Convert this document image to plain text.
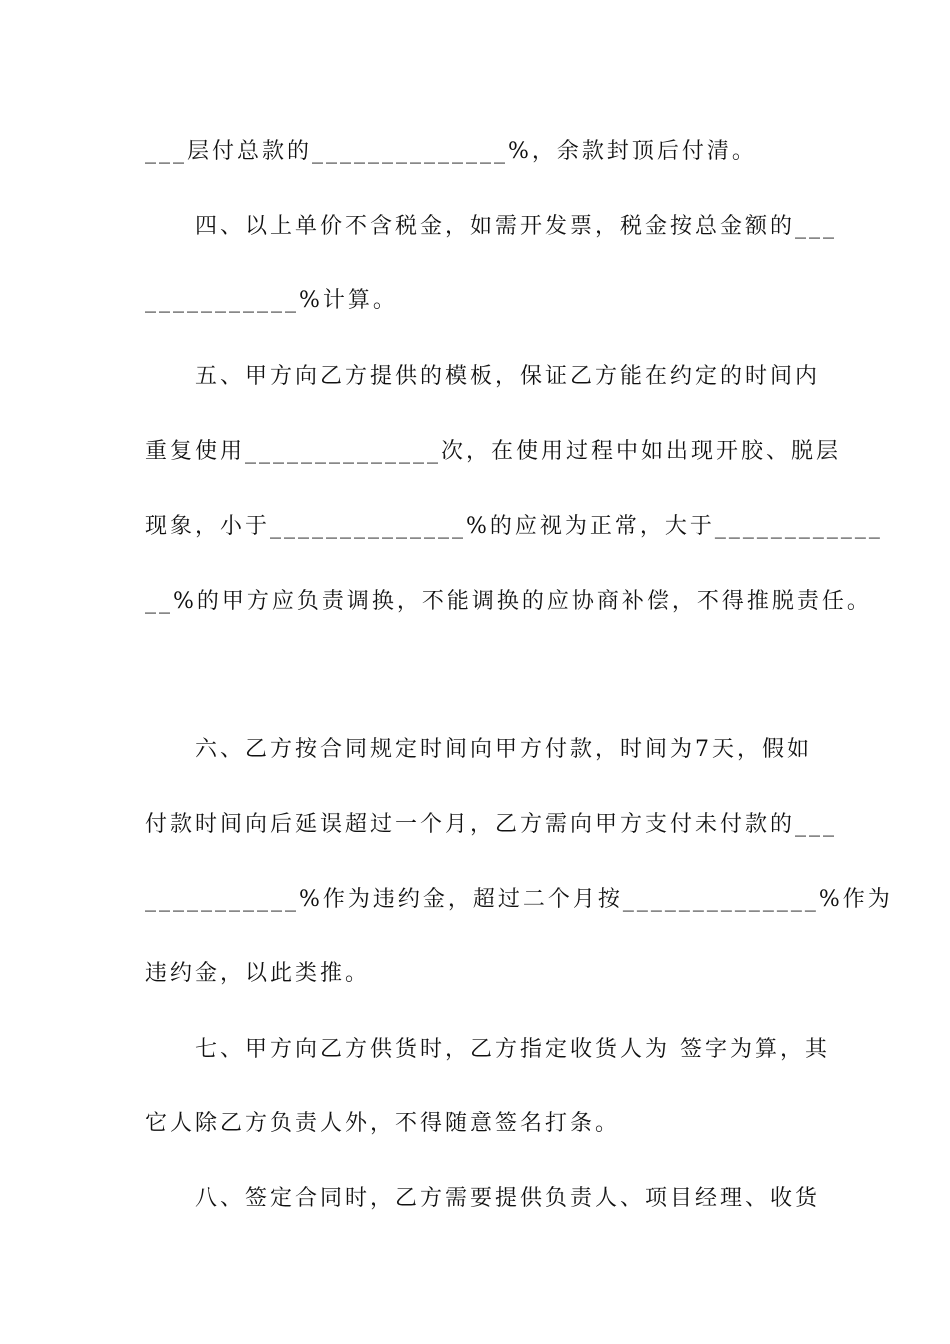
___层付总款的______________%，余款封顶后付清。
四、以上单价不含税金，如需开发票，税金按总金额的___
___________%计算。
五、甲方向乙方提供的模板，保证乙方能在约定的时间内
重复使用______________次，在使用过程中如出现开胶、脱层
现象，小于______________%的应视为正常，大于____________
__%的甲方应负责调换，不能调换的应协商补偿，不得推脱责任。
六、乙方按合同规定时间向甲方付款，时间为7天，假如
付款时间向后延误超过一个月，乙方需向甲方支付未付款的___
___________%作为违约金，超过二个月按______________%作为
违约金，以此类推。
七、甲方向乙方供货时，乙方指定收货人为 签字为算，其
它人除乙方负责人外，不得随意签名打条。
八、签定合同时，乙方需要提供负责人、项目经理、收货
